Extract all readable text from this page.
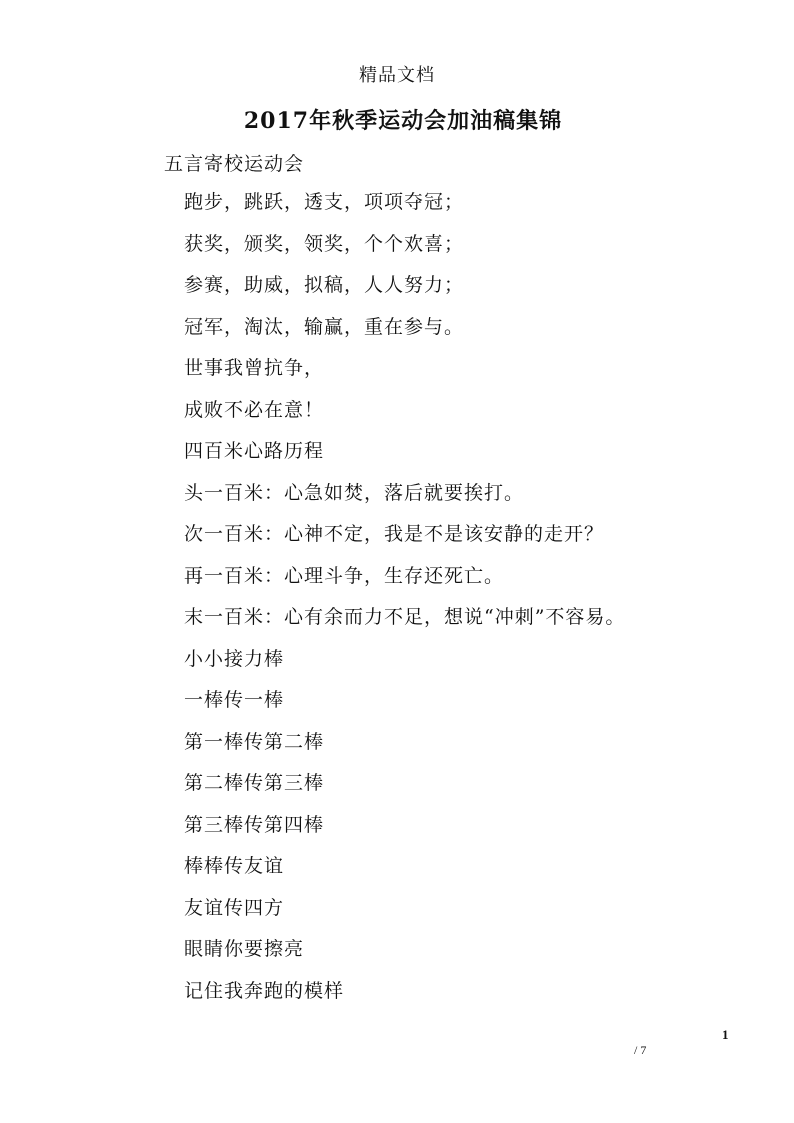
精品文档
2017年秋季运动会加油稿集锦
五言寄校运动会
跑步，跳跃，透支，项项夺冠；
获奖，颁奖，领奖，个个欢喜；
参赛，助威，拟稿，人人努力；
冠军，淘汰，输赢，重在参与。
世事我曾抗争，
成败不必在意！
四百米心路历程
头一百米：心急如焚，落后就要挨打。
次一百米：心神不定，我是不是该安静的走开？
再一百米：心理斗争，生存还死亡。
末一百米：心有余而力不足，想说“冲刺”不容易。
小小接力棒
一棒传一棒
第一棒传第二棒
第二棒传第三棒
第三棒传第四棒
棒棒传友谊
友谊传四方
眼睛你要擦亮
记住我奔跑的模样
1
/ 7
